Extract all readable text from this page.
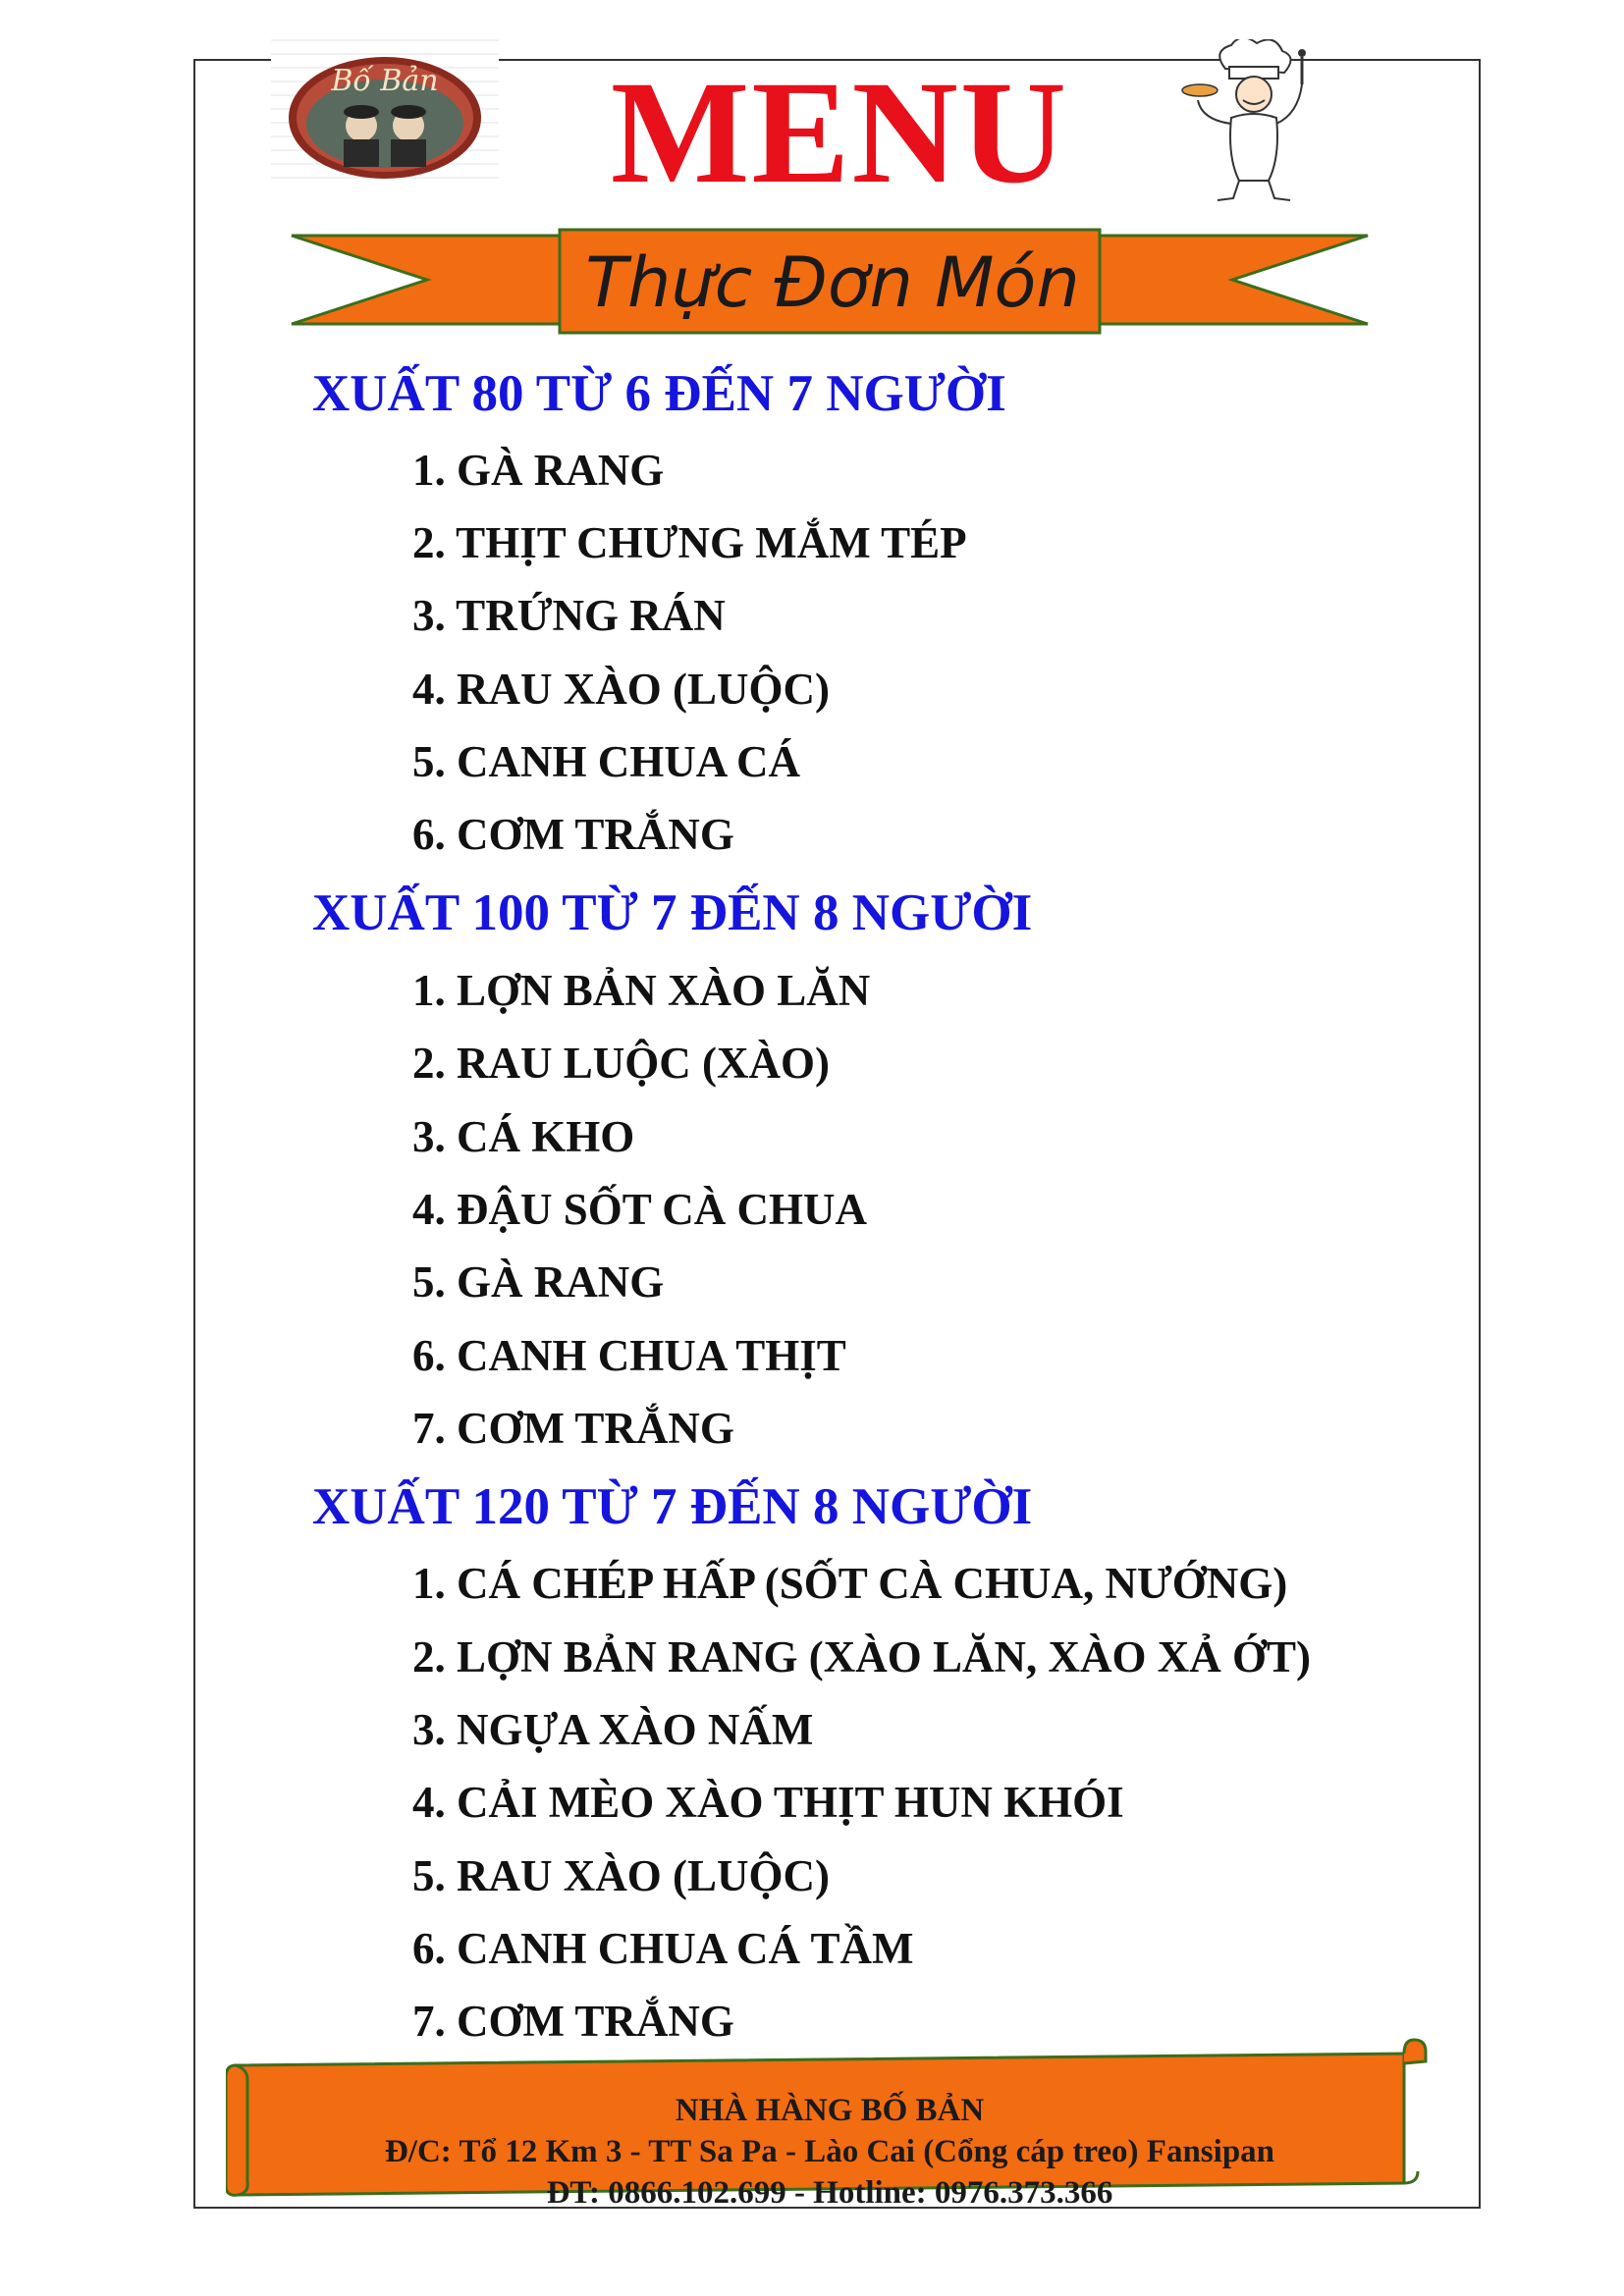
Bố Bản	MENU
Thực Đơn Món
XUẤT 80 TỪ 6 ĐẾN 7 NGƯỜI
1. GÀ RANG
2. THỊT CHƯNG MẮM TÉP
3. TRỨNG RÁN
4. RAU XÀO (LUỘC)
5. CANH CHUA CÁ
6. CƠM TRẮNG
XUẤT 100 TỪ 7 ĐẾN 8 NGƯỜI
1. LỢN BẢN XÀO LĂN
2. RAU LUỘC (XÀO)
3. CÁ KHO
4. ĐẬU SỐT CÀ CHUA
5. GÀ RANG
6. CANH CHUA THỊT
7. CƠM TRẮNG
XUẤT 120 TỪ 7 ĐẾN 8 NGƯỜI
1. CÁ CHÉP HẤP (SỐT CÀ CHUA, NƯỚNG)
2. LỢN BẢN RANG (XÀO LĂN, XÀO XẢ ỚT)
3. NGỰA XÀO NẤM
4. CẢI MÈO XÀO THỊT HUN KHÓI
5. RAU XÀO (LUỘC)
6. CANH CHUA CÁ TẦM
7. CƠM TRẮNG
NHÀ HÀNG BỐ BẢN
Đ/C: Tổ 12 Km 3 - TT Sa Pa - Lào Cai (Cổng cáp treo) Fansipan
ĐT: 0866.102.699 - Hotline: 0976.373.366
